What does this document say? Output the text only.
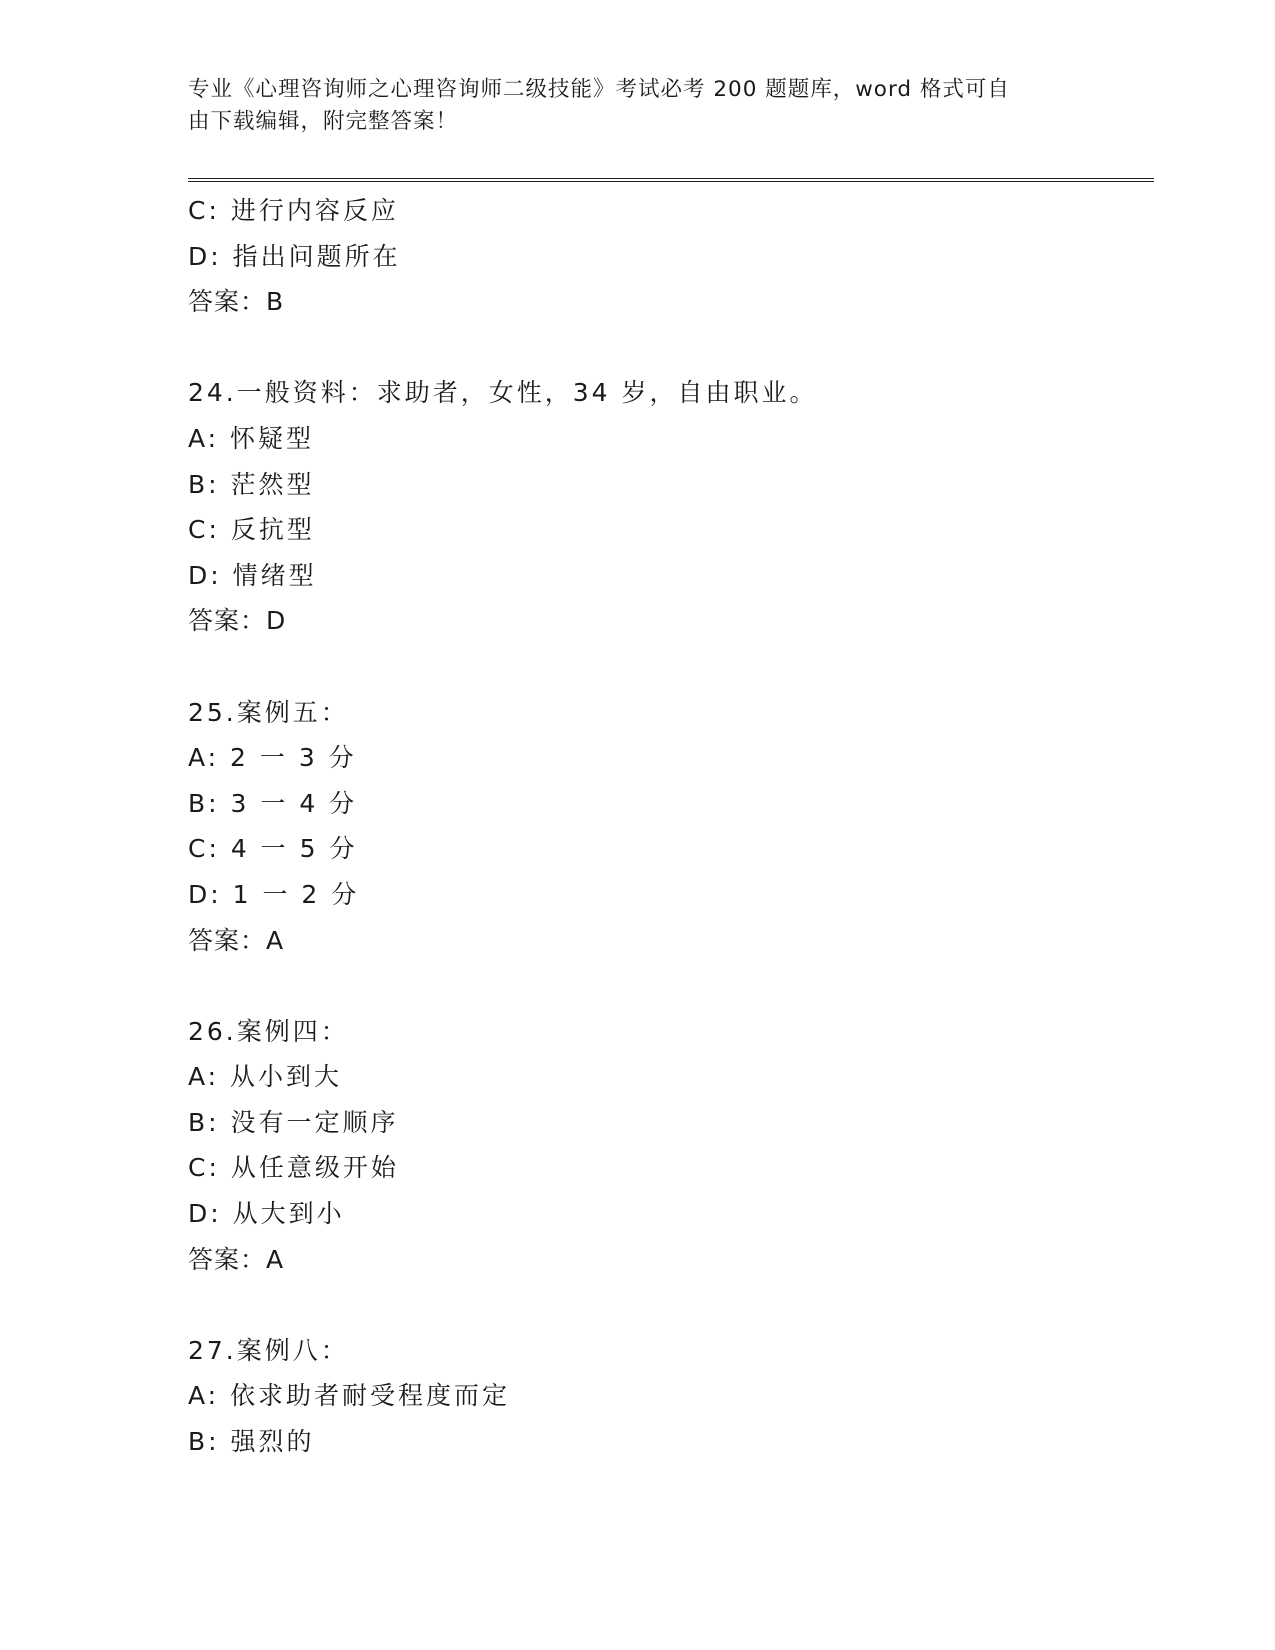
专业《心理咨询师之心理咨询师二级技能》考试必考 200 题题库，word 格式可自
由下载编辑，附完整答案！
C: 进行内容反应
D: 指出问题所在
答案：B
24.一般资料：求助者，女性，34 岁，自由职业。
A: 怀疑型
B: 茫然型
C: 反抗型
D: 情绪型
答案：D
25.案例五：
A: 2 一 3 分
B: 3 一 4 分
C: 4 一 5 分
D: 1 一 2 分
答案：A
26.案例四：
A: 从小到大
B: 没有一定顺序
C: 从任意级开始
D: 从大到小
答案：A
27.案例八：
A: 依求助者耐受程度而定
B: 强烈的
